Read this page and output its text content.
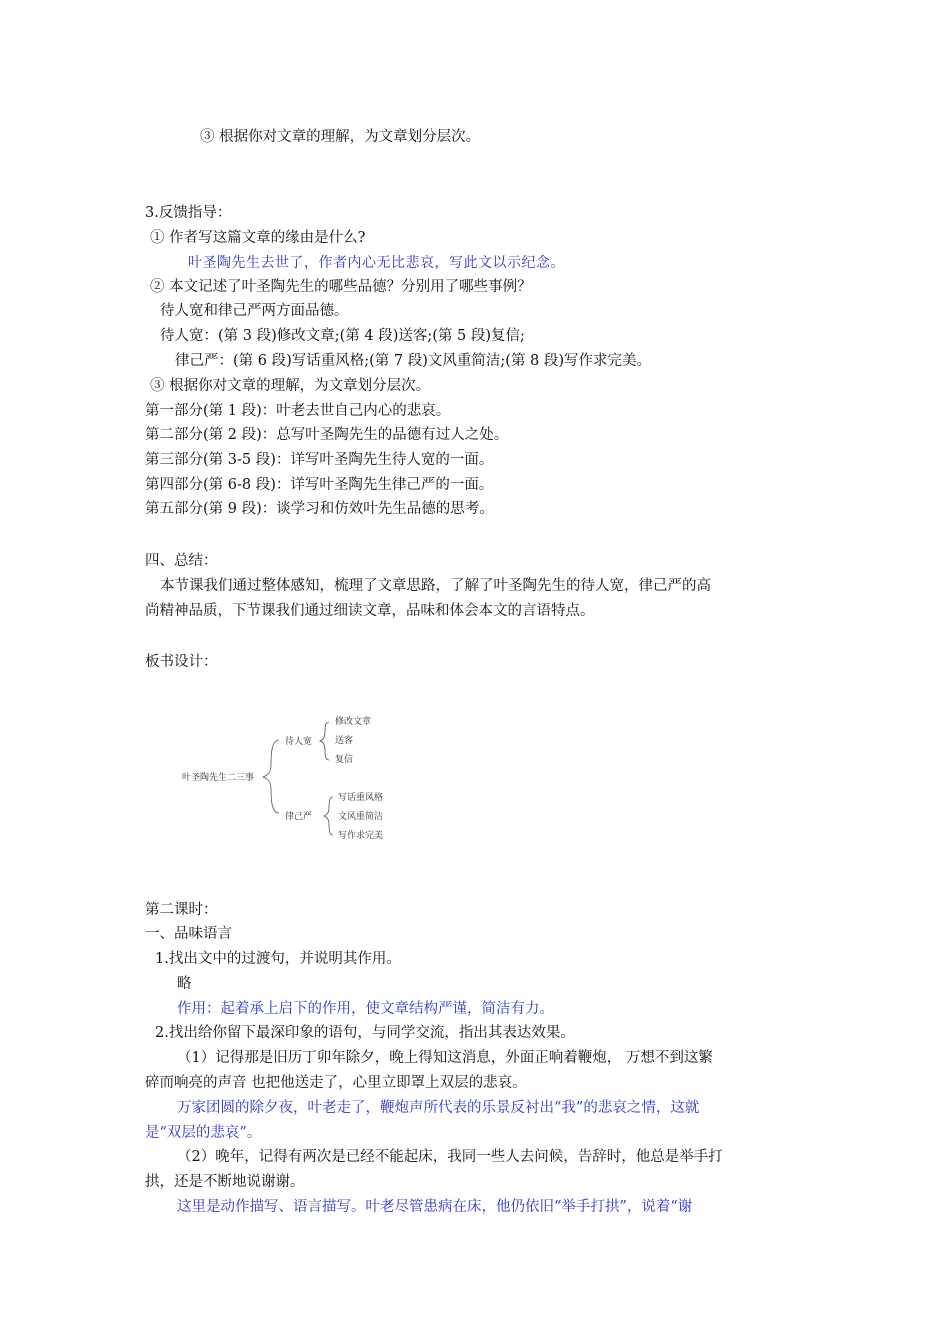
③ 根据你对文章的理解，为文章划分层次。
3.反馈指导：
① 作者写这篇文章的缘由是什么?
叶圣陶先生去世了，作者内心无比悲哀，写此文以示纪念。
② 本文记述了叶圣陶先生的哪些品德？分别用了哪些事例？
待人宽和律己严两方面品德。
待人宽：(第 3 段)修改文章;(第 4 段)送客;(第 5 段)复信;
律己严：(第 6 段)写话重风格;(第 7 段)文风重简洁;(第 8 段)写作求完美。
③ 根据你对文章的理解，为文章划分层次。
第一部分(第 1 段)：叶老去世自己内心的悲哀。
第二部分(第 2 段)：总写叶圣陶先生的品德有过人之处。
第三部分(第 3-5 段)：详写叶圣陶先生待人宽的一面。
第四部分(第 6-8 段)：详写叶圣陶先生律己严的一面。
第五部分(第 9 段)：谈学习和仿效叶先生品德的思考。
四、总结：
本节课我们通过整体感知，梳理了文章思路，了解了叶圣陶先生的待人宽，律己严的高
尚精神品质，下节课我们通过细读文章，品味和体会本文的言语特点。
板书设计：
叶圣陶先生二三事
待人宽
律己严
修改文章
送客
复信
写话重风格
文风重简洁
写作求完美
第二课时：
一、品味语言
1.找出文中的过渡句，并说明其作用。
略
作用：起着承上启下的作用，使文章结构严谨，简洁有力。
2.找出给你留下最深印象的语句，与同学交流，指出其表达效果。
（1）记得那是旧历丁卯年除夕，晚上得知这消息，外面正响着鞭炮， 万想不到这繁
碎而响亮的声音 也把他送走了，心里立即罩上双层的悲哀。
万家团圆的除夕夜，叶老走了，鞭炮声所代表的乐景反衬出“我”的悲哀之情，这就
是“双层的悲哀”。
（2）晚年，记得有两次是已经不能起床，我同一些人去问候，告辞时，他总是举手打
拱，还是不断地说谢谢。
这里是动作描写、语言描写。叶老尽管患病在床，他仍依旧“举手打拱”，说着“谢
